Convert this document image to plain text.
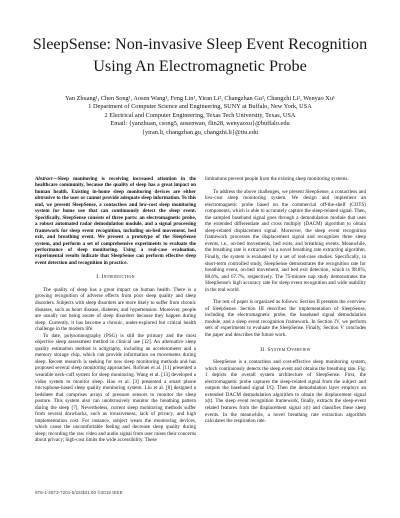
SleepSense: Non-invasive Sleep Event Recognition
Using An Electromagnetic Probe
Yan Zhuang¹, Chen Song¹, Aosen Wang¹, Feng Lin¹, Yiran Li², Changzhan Gu², Changzhi Li², Wenyao Xu¹
1 Department of Computer Science and Engineering, SUNY at Buffalo, New York, USA
2 Electrical and Computer Engineering, Texas Tech University, Texas, USA
Email: {yanzhuan, csong5, aosenwan, flin28, wenyaoxu}@buffalo.edu
{yiran.li, changzhan.gu, changzhi.li}@ttu.edu

Abstract—Sleep monitoring is receiving increased attention in the healthcare community, because the quality of sleep has a great impact on human health. Existing in-home sleep monitoring devices are either obtrusive to the user or cannot provide adequate sleep information. To this end, we present SleepSense, a contactless and low-cost sleep monitoring system for home use that can continuously detect the sleep event. Specifically, SleepSense consists of three parts: an electromagnetic probe, a robust automated radar demodulation module, and a signal processing framework for sleep event recognition, including on-bed movement, bed exit, and breathing event. We present a prototype of the SleepSense system, and perform a set of comprehensive experiments to evaluate the performance of sleep monitoring. Using a real-case evaluation, experimental results indicate that SleepSense can perform effective sleep event detection and recognition in practice.

I. Introduction

The quality of sleep has a great impact on human health. There is a growing recognition of adverse effects from poor sleep quality and sleep disorders. Subjects with sleep disorders are more likely to suffer from chronic diseases, such as heart disease, diabetes, and hypertension. Moreover, people are usually not being aware of sleep disorders because they happen during sleep. Currently, it has become a chronic, under-explored but critical health challenge in the modern life.

To date, polysomnography (PSG) is still the primary and the most objective sleep assessment method in clinical use [12]. An alternative sleep quality estimation method is actigraphy, including an accelerometer and a memory storage chip, which can provide information on movements during sleep. Recent research is seeking for new sleep monitoring methods and has proposed several sleep monitoring approaches. Rofouei et al. [11] presented a wearable neck-cuff system for sleep monitoring. Wang et al. [13] developed a video system to monitor sleep. Hao et al. [3] presented a smart phone microphone-based sleep quality monitoring system. Liu et al. [8] designed a bedsheet that comprises arrays of pressure sensors to monitor the sleep posture. This system also can unobtrusively monitor the breathing pattern during the sleep [7]. Nevertheless, current sleep monitoring methods suffer from several drawbacks, such as invasiveness, lack of privacy, and high implementation cost. For instance, subject wears the monitoring devices, which cause the uncomfortable feeling and decrease sleep quality during sleep; recording the raw video and audio signal from user raises their concerns about privacy; high-cost limits the wide accessibility. These

limitations prevent people from the existing sleep monitoring systems.

To address the above challenges, we present SleepSense, a contactless and low-cost sleep monitoring system. We design and implement an electromagnetic probe based on the commercial off-the-shelf (COTS) components, which is able to accurately capture the sleep-related signal. Then, the sampled baseband signal goes through a demodulation module that uses the extended differentiate and cross multiply (DACM) algorithm to obtain sleep-related displacement signal. Moreover, the sleep event recognition framework processes the displacement signal and recognizes three sleep events, i.e., on-bed movements, bed exits, and breathing events. Meanwhile, the breathing rate is extracted via a novel breathing rate extracting algorithm. Finally, the system is evaluated by a set of real-case studies. Specifically, in short-term controlled study, SleepSense demonstrates the recognition rate for breathing event, on-bed movement, and bed exit detection, which is 98.8%, 88.6%, and 67.7%, respectively. The 75-minute nap study demonstrates the SleepSense's high accuracy rate for sleep event recognition and wide usability in the real world.

The rest of paper is organized as follows: Section II presents the overview of SleepSense. Section III describes the implementation of SleepSense, including the electromagnetic probe, the baseband signal demodulation module, and a sleep event recognition framework. In Section IV, we perform sets of experiments to evaluate the SleepSense. Finally, Section V concludes the paper and describes the future work.

II. System Overview

SleepSense is a contactless and cost-effective sleep monitoring system, which continuously detects the sleep event and obtains the breathing rate. Fig. 1 depicts the overall system architecture of SleepSense. First, the electromagnetic probe captures the sleep-related signal from the subject and outputs the baseband signal I/Q. Then the demodulation layer employs an extended DACM demodulation algorithm to obtain the displacement signal x(t). The sleep event recognition framework, finally, extracts the sleep-event related features from the displacement signal x(t) and classifies these sleep events. In the meanwhile, a novel breathing rate extraction algorithm calculates the respiration rate.

978-1-4673-7201-5/15/$31.00 ©2015 IEEE
